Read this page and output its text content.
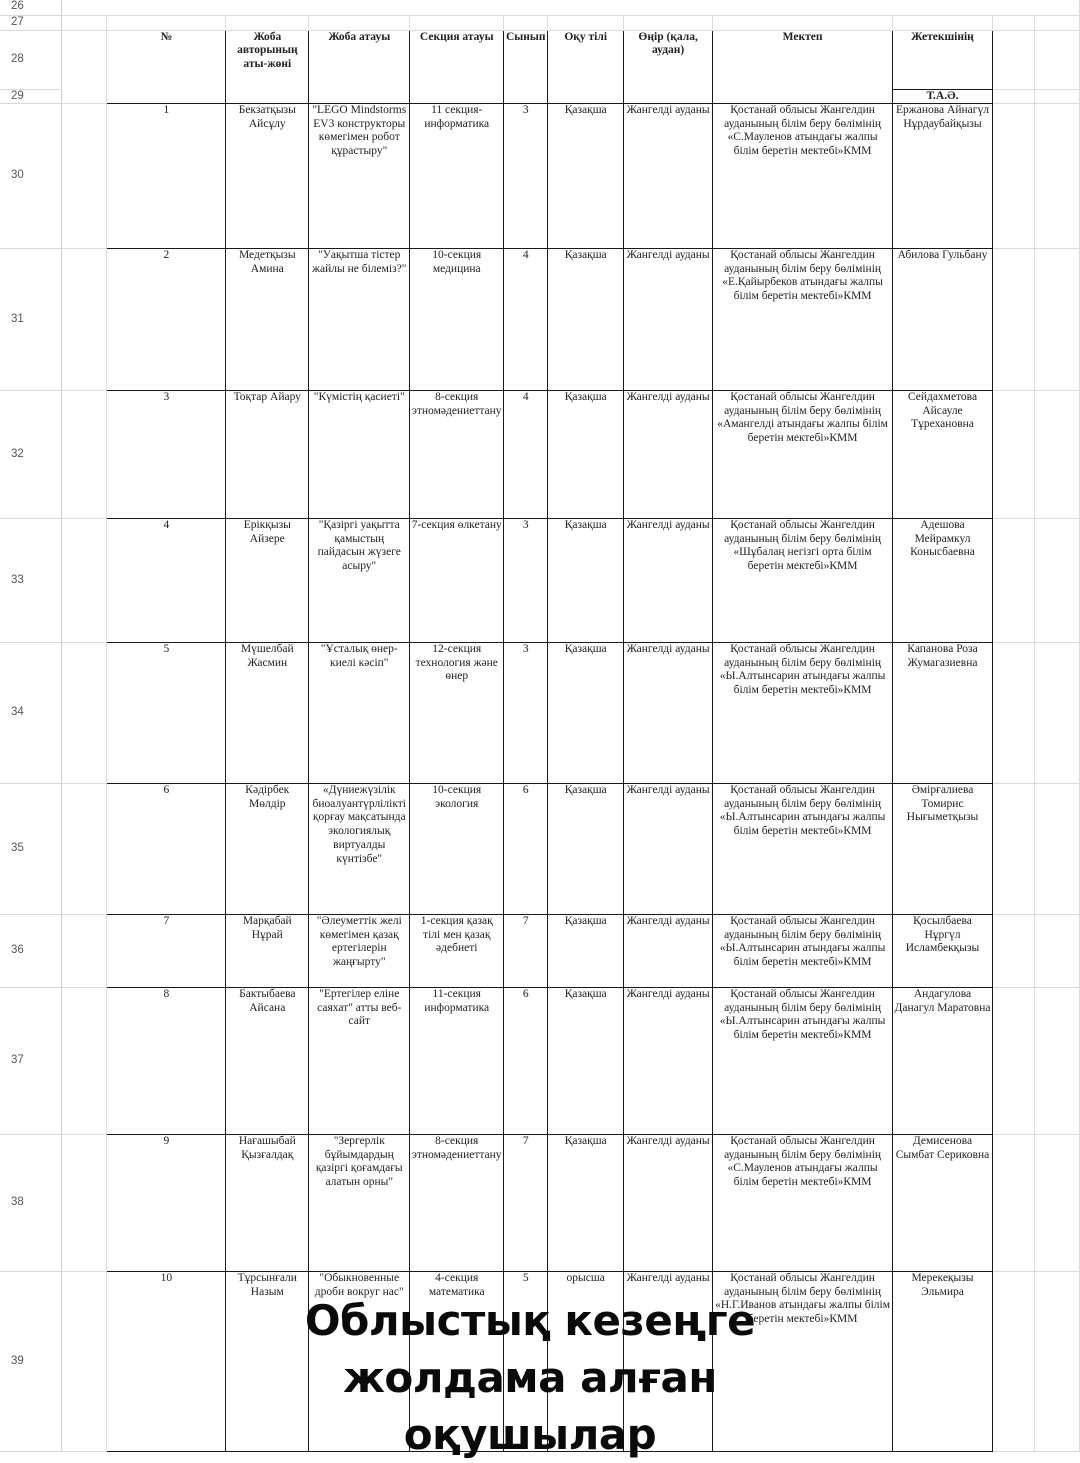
26												
27												
28		№	Жоба авторының аты-жөні	Жоба атауы	Секция атауы	Сынып	Оқу тілі	Өңір (қала, аудан)	Мектеп	Жетекшінің		

29										Т.А.Ә.		

30		1	Бекзатқызы Айсұлу	"LEGO Mindstorms EV3 конструкторы көмегімен робот құрастыру"	11 секция-информатика	3	Қазақша	Жангелді ауданы	Қостанай облысы Жангелдин ауданының білім беру бөлімінің «С.Мауленов атындағы жалпы білім беретін мектебі»КММ	Ержанова Айнагүл Нұрдаубайқызы		

31		2	Медетқызы Амина	"Уақытша тістер жайлы не білеміз?"	10-секция медицина	4	Қазақша	Жангелді ауданы	Қостанай облысы Жангелдин ауданының білім беру бөлімінің «Е.Қайырбеков атындағы жалпы білім беретін мектебі»КММ	Абилова Гульбану		

32		3	Тоқтар Айару	"Күмістің қасиеті"	8-секция этномәдениеттану	4	Қазақша	Жангелді ауданы	Қостанай облысы Жангелдин ауданының білім беру бөлімінің «Амангелді атындағы жалпы білім беретін мектебі»КММ	Сейдахметова Айсауле Тұрехановна		

33		4	Ерікқызы Айзере	"Қазіргі уақытта қамыстың пайдасын жүзеге асыру"	7-секция өлкетану	3	Қазақша	Жангелді ауданы	Қостанай облысы Жангелдин ауданының білім беру бөлімінің «Шұбалаң негізгі орта білім беретін мектебі»КММ	Адешова Мейрамкул Конысбаевна		

34		5	Мүшелбай Жасмин	"Ұсталық өнер-киелі кәсіп"	12-секция технология және өнер	3	Қазақша	Жангелді ауданы	Қостанай облысы Жангелдин ауданының білім беру бөлімінің «Ы.Алтынсарин атындағы жалпы білім беретін мектебі»КММ	Капанова Роза Жумагазиевна		

35		6	Кәдірбек Мөлдір	«Дүниежүзілік биоалуантүрлілікті қорғау мақсатында экологиялық виртуалды күнтізбе"	10-секция экология	6	Қазақша	Жангелді ауданы	Қостанай облысы Жангелдин ауданының білім беру бөлімінің «Ы.Алтынсарин атындағы жалпы білім беретін мектебі»КММ	Әмірғалиева Томирис Нығыметқызы		

36		7	Марқабай Нұрай	"Әлеуметтік желі көмегімен қазақ ертегілерін жаңғырту"	1-секция қазақ тілі мен қазақ әдебиеті	7	Қазақша	Жангелді ауданы	Қостанай облысы Жангелдин ауданының білім беру бөлімінің «Ы.Алтынсарин атындағы жалпы білім беретін мектебі»КММ	Қосылбаева Нұргүл Исламбекқызы		

37		8	Бактыбаева Айсана	"Ертегілер еліне саяхат" атты веб-сайт	11-секция информатика	6	Қазақша	Жангелді ауданы	Қостанай облысы Жангелдин ауданының білім беру бөлімінің «Ы.Алтынсарин атындағы жалпы білім беретін мектебі»КММ	Андагулова Данагул Маратовна		

38		9	Нағашыбай Қызғалдақ	"Зергерлік бұйымдардың қазіргі қоғамдағы алатын орны"	8-секция этномәдениеттану	7	Қазақша	Жангелді ауданы	Қостанай облысы Жангелдин ауданының білім беру бөлімінің «С.Мауленов атындағы жалпы білім беретін мектебі»КММ	Демисенова Сымбат Сериковна		

39		10	Тұрсынғали Назым	"Обыкновенные дроби вокруг нас"	4-секция математика	5	орысша	Жангелді ауданы	Қостанай облысы Жангелдин ауданының білім беру бөлімінің «Н.Г.Иванов атындағы жалпы білім беретін мектебі»КММ	Мерекеқызы Эльмира		

Облыстық кезеңге
жолдама алған
оқушылар
